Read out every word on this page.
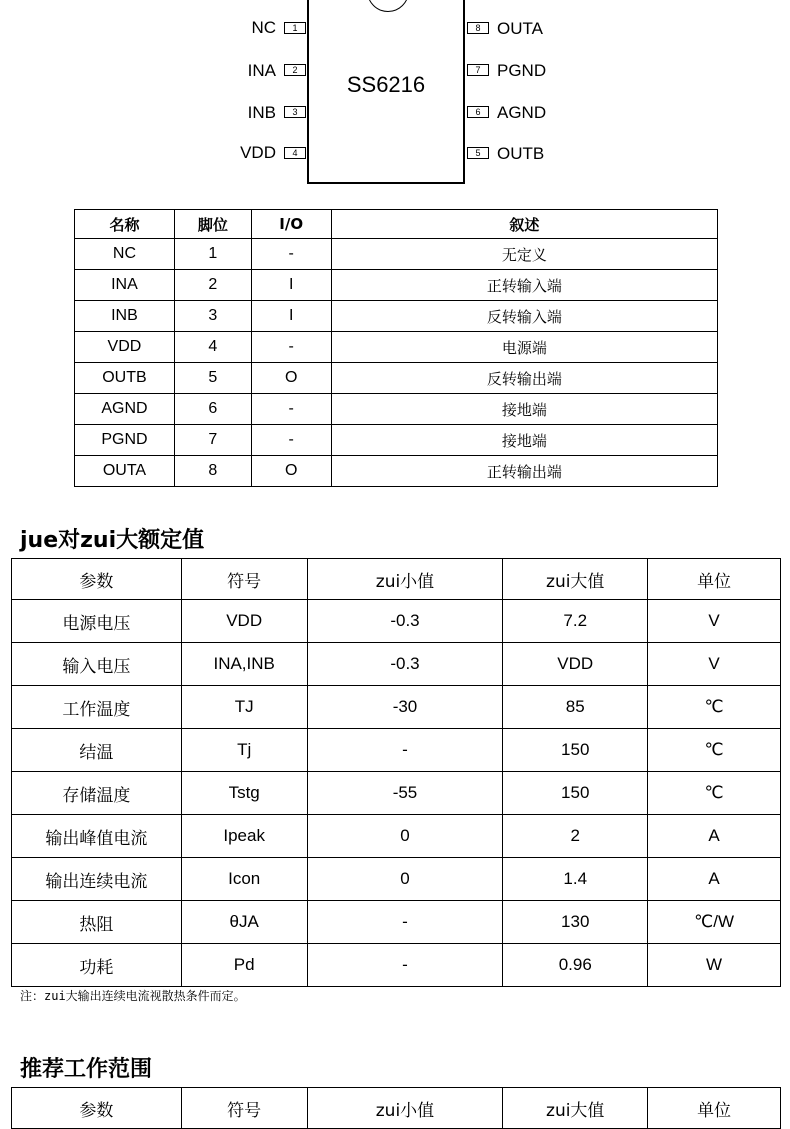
SS6216
NC	1
INA	2
INB	3
VDD	4
8 OUTA
7 PGND
6 AGND
5 OUTB
名称	脚位	I/O	叙述
NC	1	-	无定义
INA	2	I	正转输入端
INB	3	I	反转输入端
VDD	4	-	电源端
OUTB	5	O	反转输出端
AGND	6	-	接地端
PGND	7	-	接地端
OUTA	8	O	正转输出端
jue对zui大额定值
参数	符号	zui小值	zui大值	单位
电源电压	VDD	-0.3	7.2	V
输入电压	INA,INB	-0.3	VDD	V
工作温度	TJ	-30	85	℃
结温	Tj	-	150	℃
存储温度	Tstg	-55	150	℃
输出峰值电流	Ipeak	0	2	A
输出连续电流	Icon	0	1.4	A
热阻	θJA	-	130	℃/W
功耗	Pd	-	0.96	W
注：zui大输出连续电流视散热条件而定。
推荐工作范围
参数	符号	zui小值	zui大值	单位
